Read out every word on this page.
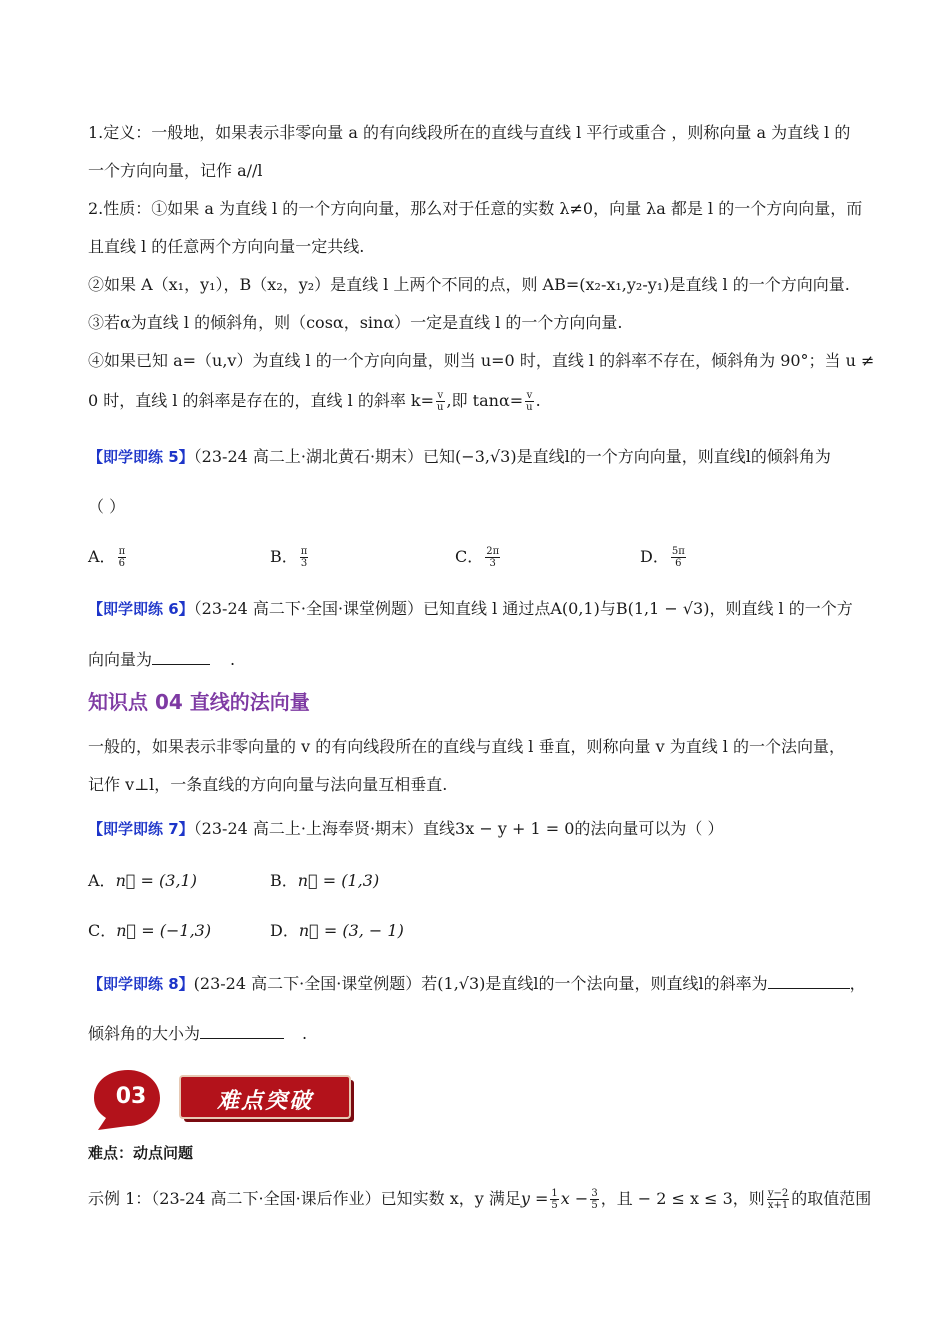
1.定义：一般地，如果表示非零向量 a 的有向线段所在的直线与直线 l 平行或重合 ，则称向量 a 为直线 l 的
一个方向向量，记作 a//l
2.性质：①如果 a 为直线 l 的一个方向向量，那么对于任意的实数 λ≠0，向量 λa 都是 l 的一个方向向量，而
且直线 l 的任意两个方向向量一定共线.
②如果 A（x₁，y₁），B（x₂，y₂）是直线 l 上两个不同的点，则 AB=(x₂-x₁,y₂-y₁)是直线 l 的一个方向向量.
③若α为直线 l 的倾斜角，则（cosα，sinα）一定是直线 l 的一个方向向量.
④如果已知 a=（u,v）为直线 l 的一个方向向量，则当 u=0 时，直线 l 的斜率不存在，倾斜角为 90°；当 u ≠
0 时，直线 l 的斜率是存在的，直线 l 的斜率 $k= \frac{v}{u}$ ,即 $\tan\alpha= \frac{v}{u}$ .
【即学即练 5】（23-24 高二上·湖北黄石·期末）已知(−3,√3)是直线l的一个方向向量，则直线l的倾斜角为
（ ）
A． $\frac{\pi}{6}$	B． $\frac{\pi}{3}$	C． $\frac{2\pi}{3}$	D． $\frac{5\pi}{6}$
【即学即练 6】（23-24 高二下·全国·课堂例题）已知直线 l 通过点A(0,1)与B(1,1 − √3)，则直线 l 的一个方
向向量为	.
知识点 04 直线的法向量
一般的，如果表示非零向量的 v 的有向线段所在的直线与直线 l 垂直，则称向量 v 为直线 l 的一个法向量，
记作 v⊥l，一条直线的方向向量与法向量互相垂直.
【即学即练 7】（23-24 高二上·上海奉贤·期末）直线3x − y + 1 = 0的法向量可以为（ ）
A．n⃗ = (3,1)	B．n⃗ = (1,3)
C．n⃗ = (−1,3)	D．n⃗ = (3, − 1)
【即学即练 8】(23-24 高二下·全国·课堂例题）若(1,√3)是直线l的一个法向量，则直线l的斜率为	，
倾斜角的大小为	.
03	难点突破
难点：动点问题
示例 1：（23-24 高二下·全国·课后作业）已知实数 x，y 满足$y = \frac{1}{5}$ $x - \frac{3}{5}$ ，且 − 2 ≤ x ≤ 3，则 $\frac{y-2}{x+1}$ 的取值范围
